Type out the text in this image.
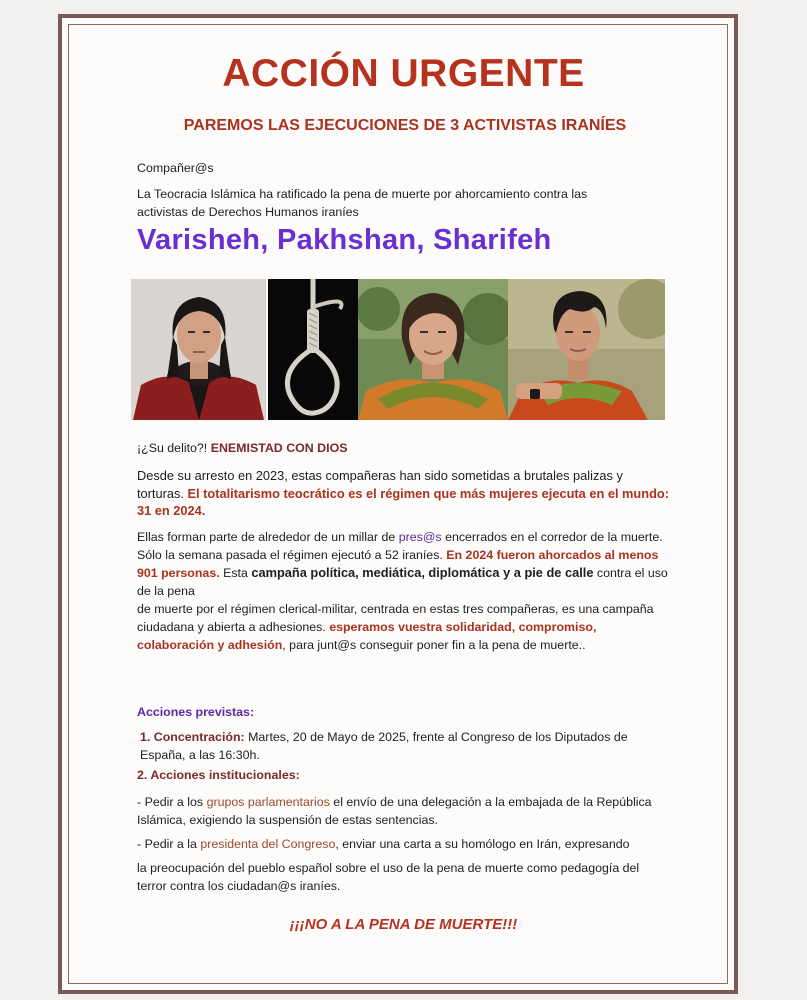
ACCIÓN URGENTE
PAREMOS LAS EJECUCIONES DE 3 ACTIVISTAS IRANÍES
Compañer@s
La Teocracia Islámica ha ratificado la pena de muerte por ahorcamiento contra las activistas de Derechos Humanos iraníes
Varisheh, Pakhshan, Sharifeh
¡¿Su delito?! ENEMISTAD CON DIOS
Desde su arresto en 2023, estas compañeras han sido sometidas a brutales palizas y torturas. El totalitarismo teocrático es el régimen que más mujeres ejecuta en el mundo: 31 en 2024.
Ellas forman parte de alrededor de un millar de pres@s encerrados en el corredor de la muerte. Sólo la semana pasada el régimen ejecutó a 52 iraníes. En 2024 fueron ahorcados al menos 901 personas. Esta campaña política, mediática, diplomática y a pie de calle contra el uso de la pena
de muerte por el régimen clerical-militar, centrada en estas tres compañeras, es una campaña ciudadana y abierta a adhesiones. esperamos vuestra solidaridad, compromiso, colaboración y adhesión, para junt@s conseguir poner fin a la pena de muerte..
Acciones previstas:
1. Concentración: Martes, 20 de Mayo de 2025, frente al Congreso de los Diputados de España, a las 16:30h.
2. Acciones institucionales:
- Pedir a los grupos parlamentarios el envío de una delegación a la embajada de la República Islámica, exigiendo la suspensión de estas sentencias.
- Pedir a la presidenta del Congreso, enviar una carta a su homólogo en Irán, expresando
la preocupación del pueblo español sobre el uso de la pena de muerte como pedagogía del terror contra los ciudadan@s iraníes.
¡¡¡NO A LA PENA DE MUERTE!!!
